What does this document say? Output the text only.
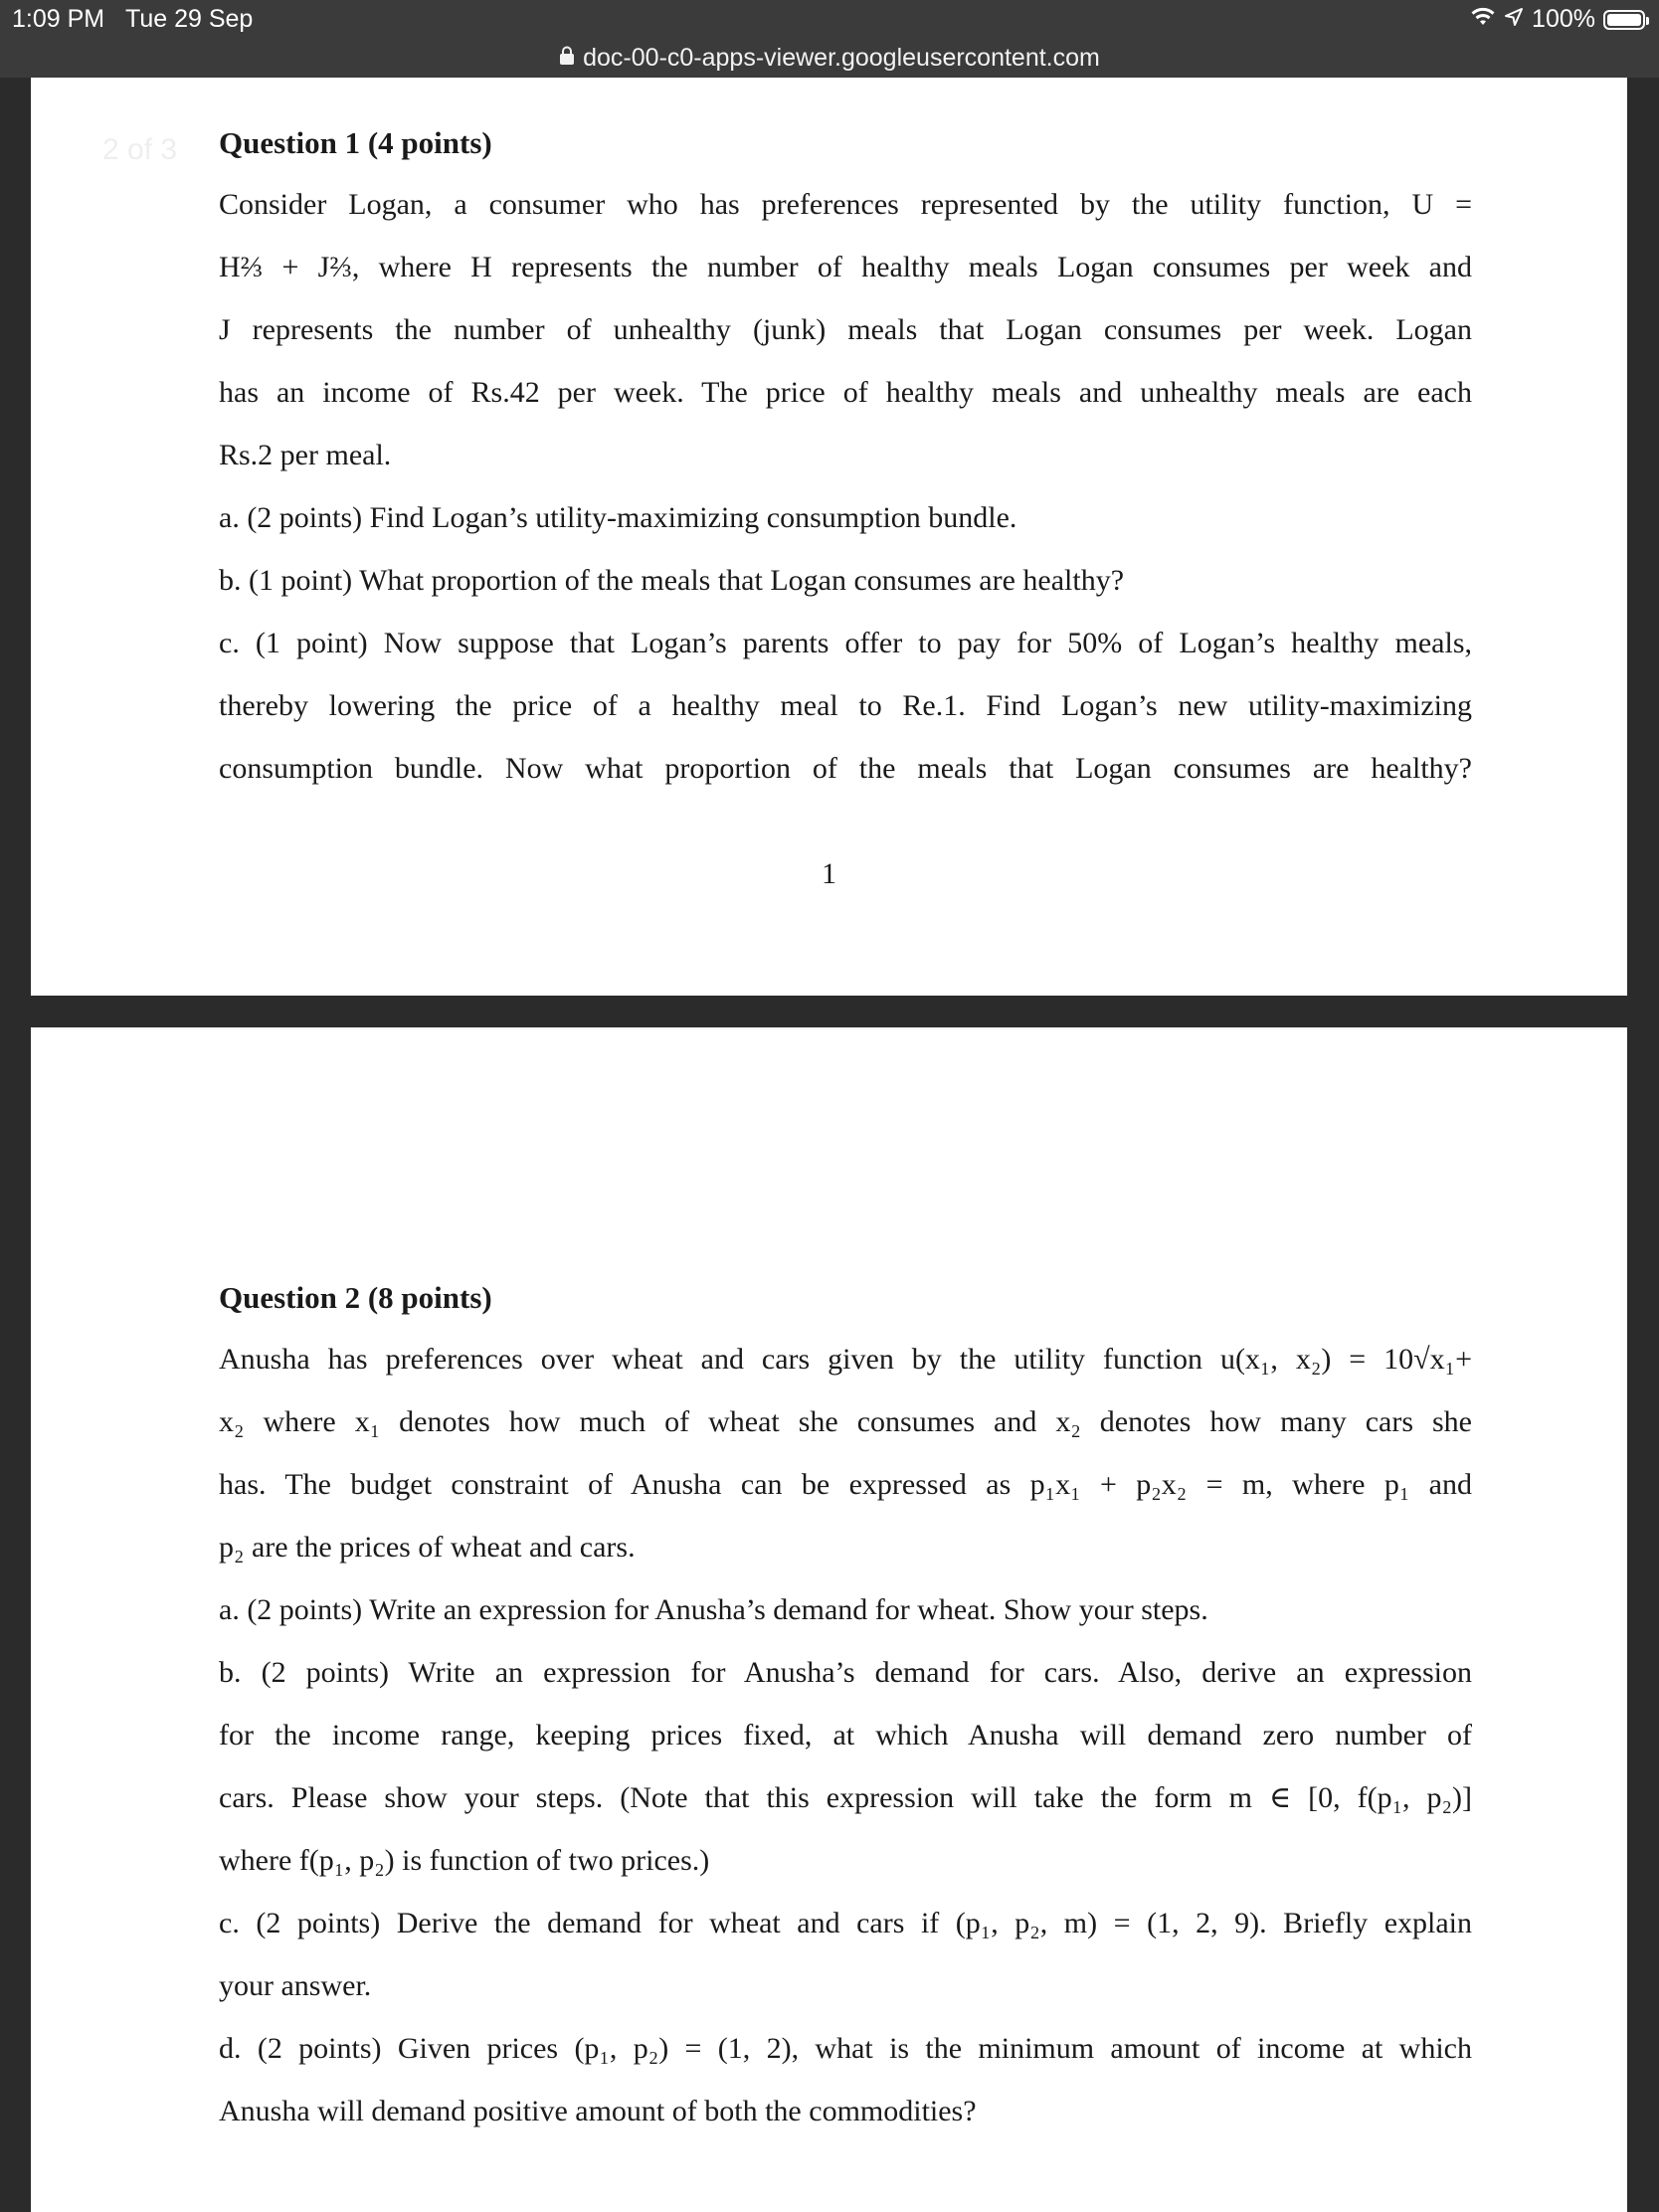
1:09 PM Tue 29 Sep	100%
doc-00-c0-apps-viewer.googleusercontent.com
2 of 3 Question 1 (4 points)

Consider Logan, a consumer who has preferences represented by the utility function, U =

H⅔ + J⅔, where H represents the number of healthy meals Logan consumes per week and

J represents the number of unhealthy (junk) meals that Logan consumes per week. Logan

has an income of Rs.42 per week. The price of healthy meals and unhealthy meals are each

Rs.2 per meal.

a. (2 points) Find Logan’s utility-maximizing consumption bundle.

b. (1 point) What proportion of the meals that Logan consumes are healthy?

c. (1 point) Now suppose that Logan’s parents offer to pay for 50% of Logan’s healthy meals,

thereby lowering the price of a healthy meal to Re.1. Find Logan’s new utility-maximizing

consumption bundle. Now what proportion of the meals that Logan consumes are healthy?

1

Question 2 (8 points)

Anusha has preferences over wheat and cars given by the utility function u(x₁, x₂) = 10√x₁+

x₂ where x₁ denotes how much of wheat she consumes and x₂ denotes how many cars she

has. The budget constraint of Anusha can be expressed as p₁x₁ + p₂x₂ = m, where p₁ and

p₂ are the prices of wheat and cars.

a. (2 points) Write an expression for Anusha’s demand for wheat. Show your steps.

b. (2 points) Write an expression for Anusha’s demand for cars. Also, derive an expression

for the income range, keeping prices fixed, at which Anusha will demand zero number of

cars. Please show your steps. (Note that this expression will take the form m ∈ [0, f(p₁, p₂)]

where f(p₁, p₂) is function of two prices.)

c. (2 points) Derive the demand for wheat and cars if (p₁, p₂, m) = (1, 2, 9). Briefly explain

your answer.

d. (2 points) Given prices (p₁, p₂) = (1, 2), what is the minimum amount of income at which

Anusha will demand positive amount of both the commodities?
